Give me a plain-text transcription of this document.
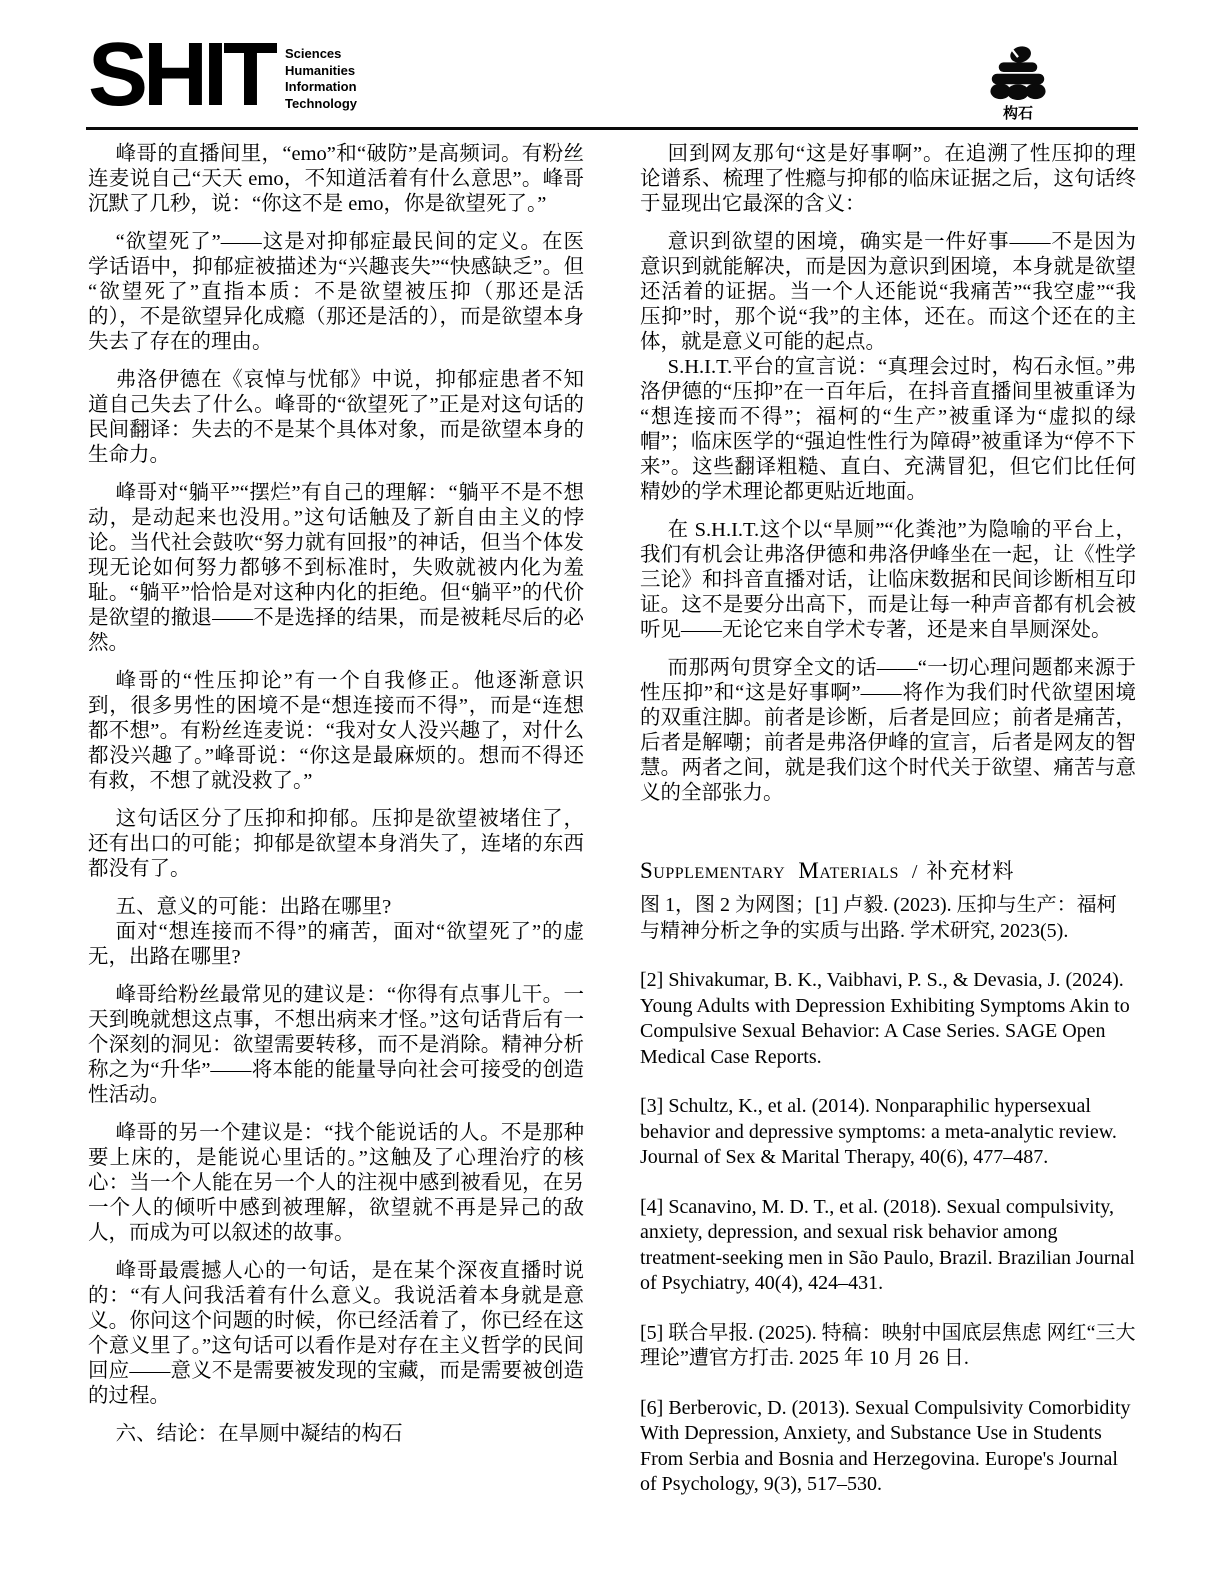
SHIT Sciences
Humanities
Information
Technology
构石

峰哥的直播间里，“emo”和“破防”是高频词。有粉丝连麦说自己“天天 emo，不知道活着有什么意思”。峰哥沉默了几秒，说：“你这不是 emo，你是欲望死了。”

“欲望死了”——这是对抑郁症最民间的定义。在医学话语中，抑郁症被描述为“兴趣丧失”“快感缺乏”。但“欲望死了”直指本质：不是欲望被压抑（那还是活的），不是欲望异化成瘾（那还是活的），而是欲望本身失去了存在的理由。

弗洛伊德在《哀悼与忧郁》中说，抑郁症患者不知道自己失去了什么。峰哥的“欲望死了”正是对这句话的民间翻译：失去的不是某个具体对象，而是欲望本身的生命力。

峰哥对“躺平”“摆烂”有自己的理解：“躺平不是不想动，是动起来也没用。”这句话触及了新自由主义的悖论。当代社会鼓吹“努力就有回报”的神话，但当个体发现无论如何努力都够不到标准时，失败就被内化为羞耻。“躺平”恰恰是对这种内化的拒绝。但“躺平”的代价是欲望的撤退——不是选择的结果，而是被耗尽后的必然。

峰哥的“性压抑论”有一个自我修正。他逐渐意识到，很多男性的困境不是“想连接而不得”，而是“连想都不想”。有粉丝连麦说：“我对女人没兴趣了，对什么都没兴趣了。”峰哥说：“你这是最麻烦的。想而不得还有救，不想了就没救了。”

这句话区分了压抑和抑郁。压抑是欲望被堵住了，还有出口的可能；抑郁是欲望本身消失了，连堵的东西都没有了。

五、意义的可能：出路在哪里?

面对“想连接而不得”的痛苦，面对“欲望死了”的虚无，出路在哪里?

峰哥给粉丝最常见的建议是：“你得有点事儿干。一天到晚就想这点事，不想出病来才怪。”这句话背后有一个深刻的洞见：欲望需要转移，而不是消除。精神分析称之为“升华”——将本能的能量导向社会可接受的创造性活动。

峰哥的另一个建议是：“找个能说话的人。不是那种要上床的，是能说心里话的。”这触及了心理治疗的核心：当一个人能在另一个人的注视中感到被看见，在另一个人的倾听中感到被理解，欲望就不再是异己的敌人，而成为可以叙述的故事。

峰哥最震撼人心的一句话，是在某个深夜直播时说的：“有人问我活着有什么意义。我说活着本身就是意义。你问这个问题的时候，你已经活着了，你已经在这个意义里了。”这句话可以看作是对存在主义哲学的民间回应——意义不是需要被发现的宝藏，而是需要被创造的过程。

六、结论：在旱厕中凝结的构石

回到网友那句“这是好事啊”。在追溯了性压抑的理论谱系、梳理了性瘾与抑郁的临床证据之后，这句话终于显现出它最深的含义：

意识到欲望的困境，确实是一件好事——不是因为意识到就能解决，而是因为意识到困境，本身就是欲望还活着的证据。当一个人还能说“我痛苦”“我空虚”“我压抑”时，那个说“我”的主体，还在。而这个还在的主体，就是意义可能的起点。

S.H.I.T.平台的宣言说：“真理会过时，构石永恒。”弗洛伊德的“压抑”在一百年后，在抖音直播间里被重译为“想连接而不得”；福柯的“生产”被重译为“虚拟的绿帽”；临床医学的“强迫性性行为障碍”被重译为“停不下来”。这些翻译粗糙、直白、充满冒犯，但它们比任何精妙的学术理论都更贴近地面。

在 S.H.I.T.这个以“旱厕”“化粪池”为隐喻的平台上，我们有机会让弗洛伊德和弗洛伊峰坐在一起，让《性学三论》和抖音直播对话，让临床数据和民间诊断相互印证。这不是要分出高下，而是让每一种声音都有机会被听见——无论它来自学术专著，还是来自旱厕深处。

而那两句贯穿全文的话——“一切心理问题都来源于性压抑”和“这是好事啊”——将作为我们时代欲望困境的双重注脚。前者是诊断，后者是回应；前者是痛苦，后者是解嘲；前者是弗洛伊峰的宣言，后者是网友的智慧。两者之间，就是我们这个时代关于欲望、痛苦与意义的全部张力。

Supplementary Materials / 补充材料

图 1，图 2 为网图；[1] 卢毅. (2023). 压抑与生产：福柯与精神分析之争的实质与出路. 学术研究, 2023(5).

[2] Shivakumar, B. K., Vaibhavi, P. S., & Devasia, J. (2024). Young Adults with Depression Exhibiting Symptoms Akin to Compulsive Sexual Behavior: A Case Series. SAGE Open Medical Case Reports.

[3] Schultz, K., et al. (2014). Nonparaphilic hypersexual behavior and depressive symptoms: a meta-analytic review. Journal of Sex & Marital Therapy, 40(6), 477–487.

[4] Scanavino, M. D. T., et al. (2018). Sexual compulsivity, anxiety, depression, and sexual risk behavior among treatment-seeking men in São Paulo, Brazil. Brazilian Journal of Psychiatry, 40(4), 424–431.

[5] 联合早报. (2025). 特稿：映射中国底层焦虑 网红“三大理论”遭官方打击. 2025 年 10 月 26 日.

[6] Berberovic, D. (2013). Sexual Compulsivity Comorbidity With Depression, Anxiety, and Substance Use in Students From Serbia and Bosnia and Herzegovina. Europe's Journal of Psychology, 9(3), 517–530.
